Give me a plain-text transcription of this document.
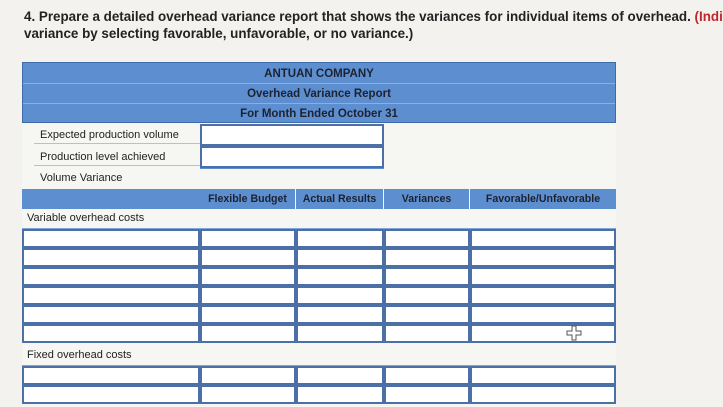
4. Prepare a detailed overhead variance report that shows the variances for individual items of overhead. (Indi
variance by selecting favorable, unfavorable, or no variance.)
ANTUAN COMPANY
Overhead Variance Report
For Month Ended October 31
Expected production volume
Production level achieved
Volume Variance
Flexible Budget	Actual Results	Variances	Favorable/Unfavorable
Variable overhead costs
Fixed overhead costs
